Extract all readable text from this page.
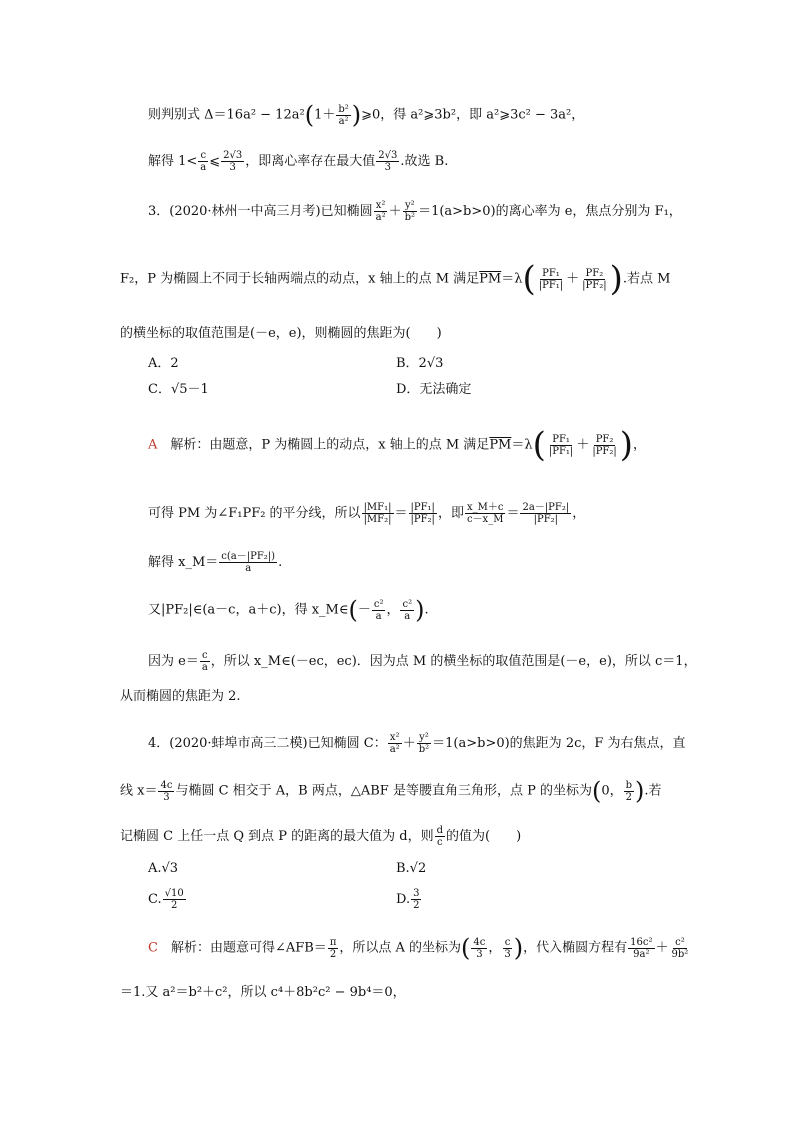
则判别式 $\Delta=16a^2 - 12a^2(1+ \frac{\text{b²}}{\text{a²}}$ )⩾0，得 a²⩾3b²，即 a²⩾3c² − 3a²，
解得 $1< \frac{c}{a}$ ⩽ $\frac{2√3}{3}$ ，即离心率存在最大值 $\frac{2√3}{3}$ .故选 B.
3．(2020·林州一中高三月考)已知椭圆 $\frac{\text{x²}}{\text{a²}} + \frac{\text{y²}}{\text{b²}} =1(a>b>0)$的离心率为 e，焦点分别为 F₁，
F₂，P 为椭圆上不同于长轴两端点的动点，x 轴上的点 M 满足$\overline{PM}=\lambda( \frac{\text{PF₁}}{\text{|PF₁|}} + \frac{\text{PF₂}}{\text{|PF₂|}}$ ).若点 M
的横坐标的取值范围是(－e，e)，则椭圆的焦距为(　　)
A．2	B．2√3
C．√5－1	D．无法确定
A　解析：由题意，P 为椭圆上的动点，x 轴上的点 M 满足$\overline{PM}=\lambda( \frac{\text{PF₁}}{\text{|PF₁|}} + \frac{\text{PF₂}}{\text{|PF₂|}}$ )，
可得 PM 为∠F₁PF₂ 的平分线，所以 $\frac{\text{|MF₁|}}{\text{|MF₂|}} = \frac{\text{|PF₁|}}{\text{|PF₂|}}$ ，即 $\frac{x\_M+c}{c-x\_M} = \frac{\text{2a－|PF₂|}}{\text{|PF₂|}}$ ，
解得 x_M＝ $\frac{\text{c(a－|PF₂|)}}{a}$ .
又|PF₂|∈(a－c，a＋c)，得 x_M∈(－ $\frac{\text{c²}}{a}$ ， $\frac{\text{c²}}{a}$ ).
因为 $e= \frac{c}{a}$ ，所以 x_M∈(－ec，ec)．因为点 M 的横坐标的取值范围是(－e，e)，所以 c＝1，
从而椭圆的焦距为 2.
4．(2020·蚌埠市高三二模)已知椭圆 C： $\frac{\text{x²}}{\text{a²}} + \frac{\text{y²}}{\text{b²}} =1(a>b>0)$的焦距为 2c，F 为右焦点，直
线 $x= \frac{4c}{3}$ 与椭圆 C 相交于 A，B 两点，△ABF 是等腰直角三角形，点 P 的坐标为(0， $\frac{b}{2}$ ).若
记椭圆 C 上任一点 Q 到点 P 的距离的最大值为 d，则 $\frac{d}{c}$ 的值为(　　)
A.√3	B.√2
C. $\frac{√10}{2}$	D. $\frac{3}{2}$
C　解析：由题意可得∠AFB＝ $\frac{\pi}{2}$ ，所以点 A 的坐标为( $\frac{4c}{3}$ ， $\frac{c}{3}$ )，代入椭圆方程有 $\frac{\text{16c²}}{\text{9a²}} + \frac{\text{c²}}{\text{9b²}}$
＝1.又 a²＝b²＋c²，所以 c⁴＋8b²c² − 9b⁴＝0，
